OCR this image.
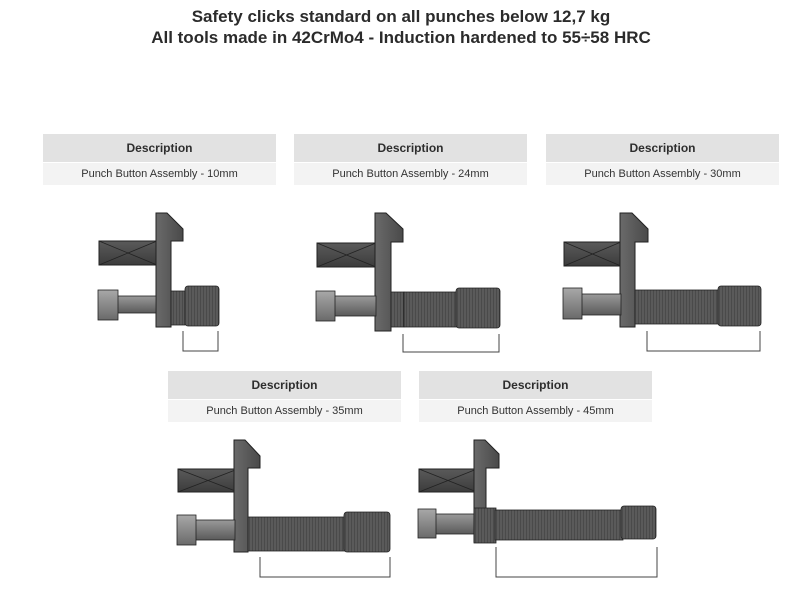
Safety clicks standard on all punches below 12,7 kg
All tools made in 42CrMo4 - Induction hardened to 55÷58 HRC
Description
Punch Button Assembly - 10mm
Description
Punch Button Assembly - 24mm
Description
Punch Button Assembly - 30mm
Description
Punch Button Assembly - 35mm
Description
Punch Button Assembly - 45mm
